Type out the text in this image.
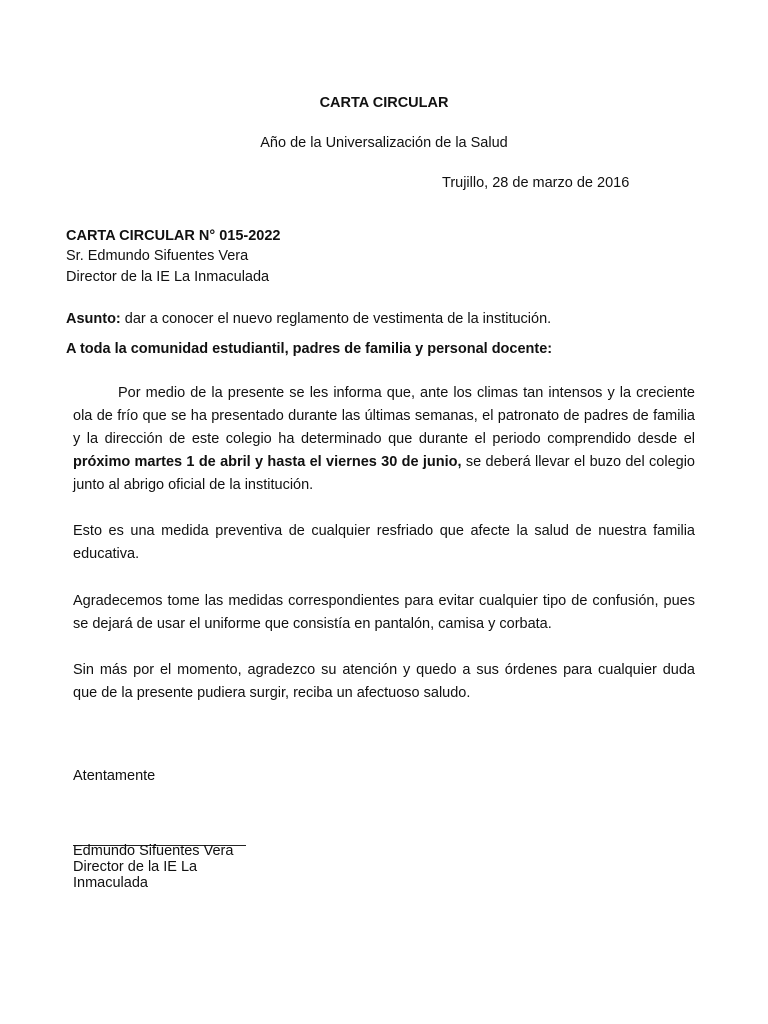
CARTA CIRCULAR
Año de la Universalización de la Salud
Trujillo, 28 de marzo de 2016
CARTA CIRCULAR N° 015-2022
Sr. Edmundo Sifuentes Vera
Director de la IE La Inmaculada
Asunto: dar a conocer el nuevo reglamento de vestimenta de la institución.
A toda la comunidad estudiantil, padres de familia y personal docente:
Por medio de la presente se les informa que, ante los climas tan intensos y la creciente ola de frío que se ha presentado durante las últimas semanas, el patronato de padres de familia y la dirección de este colegio ha determinado que durante el periodo comprendido desde el próximo martes 1 de abril y hasta el viernes 30 de junio, se deberá llevar el buzo del colegio junto al abrigo oficial de la institución.
Esto es una medida preventiva de cualquier resfriado que afecte la salud de nuestra familia educativa.
Agradecemos tome las medidas correspondientes para evitar cualquier tipo de confusión, pues se dejará de usar el uniforme que consistía en pantalón, camisa y corbata.
Sin más por el momento, agradezco su atención y quedo a sus órdenes para cualquier duda que de la presente pudiera surgir, reciba un afectuoso saludo.
Atentamente
Edmundo Sifuentes Vera
Director de la IE La
Inmaculada
